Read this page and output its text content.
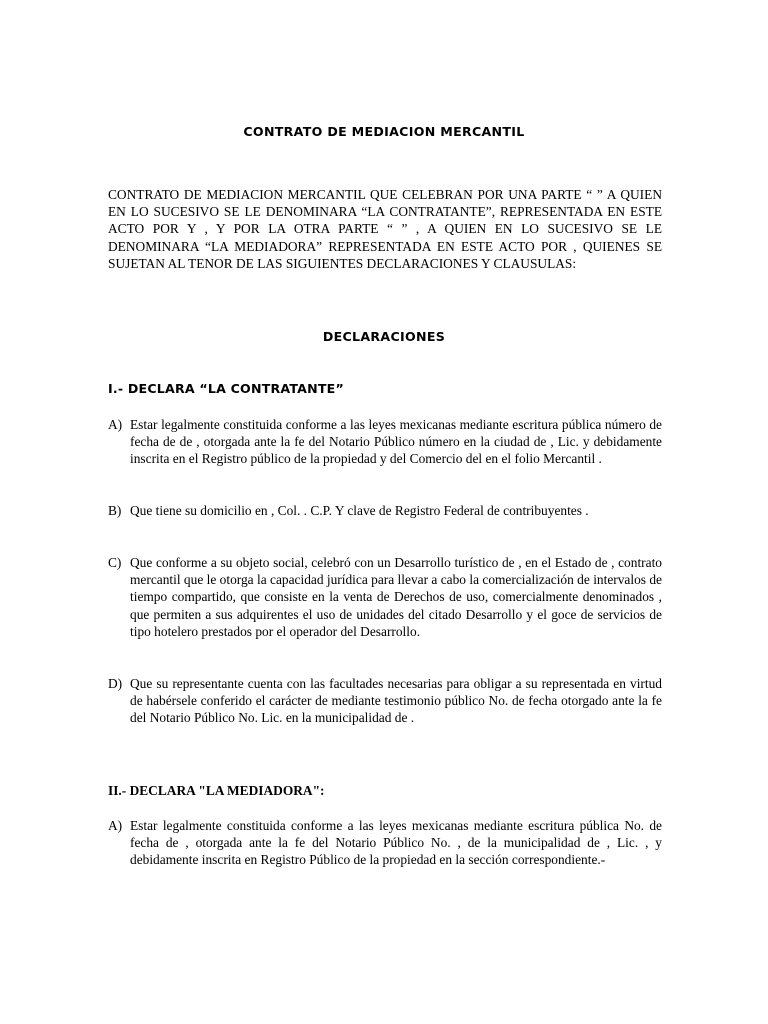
CONTRATO DE MEDIACION MERCANTIL
CONTRATO DE MEDIACION MERCANTIL QUE CELEBRAN POR UNA PARTE “ ” A QUIEN EN LO SUCESIVO SE LE DENOMINARA “LA CONTRATANTE”, REPRESENTADA EN ESTE ACTO POR Y , Y POR LA OTRA PARTE “ ” , A QUIEN EN LO SUCESIVO SE LE DENOMINARA “LA MEDIADORA” REPRESENTADA EN ESTE ACTO POR , QUIENES SE SUJETAN AL TENOR DE LAS SIGUIENTES DECLARACIONES Y CLAUSULAS:
DECLARACIONES
I.- DECLARA “LA CONTRATANTE”
A) Estar legalmente constituida conforme a las leyes mexicanas mediante escritura pública número de fecha de de , otorgada ante la fe del Notario Público número en la ciudad de , Lic. y debidamente inscrita en el Registro público de la propiedad y del Comercio del en el folio Mercantil .
B) Que tiene su domicilio en , Col. . C.P. Y clave de Registro Federal de contribuyentes .
C) Que conforme a su objeto social, celebró con un Desarrollo turístico de , en el Estado de , contrato mercantil que le otorga la capacidad jurídica para llevar a cabo la comercialización de intervalos de tiempo compartido, que consiste en la venta de Derechos de uso, comercialmente denominados , que permiten a sus adquirentes el uso de unidades del citado Desarrollo y el goce de servicios de tipo hotelero prestados por el operador del Desarrollo.
D) Que su representante cuenta con las facultades necesarias para obligar a su representada en virtud de habérsele conferido el carácter de mediante testimonio público No. de fecha otorgado ante la fe del Notario Público No. Lic. en la municipalidad de .
II.- DECLARA "LA MEDIADORA":
A) Estar legalmente constituida conforme a las leyes mexicanas mediante escritura pública No. de fecha de , otorgada ante la fe del Notario Público No. , de la municipalidad de , Lic. , y debidamente inscrita en Registro Público de la propiedad en la sección correspondiente.-
